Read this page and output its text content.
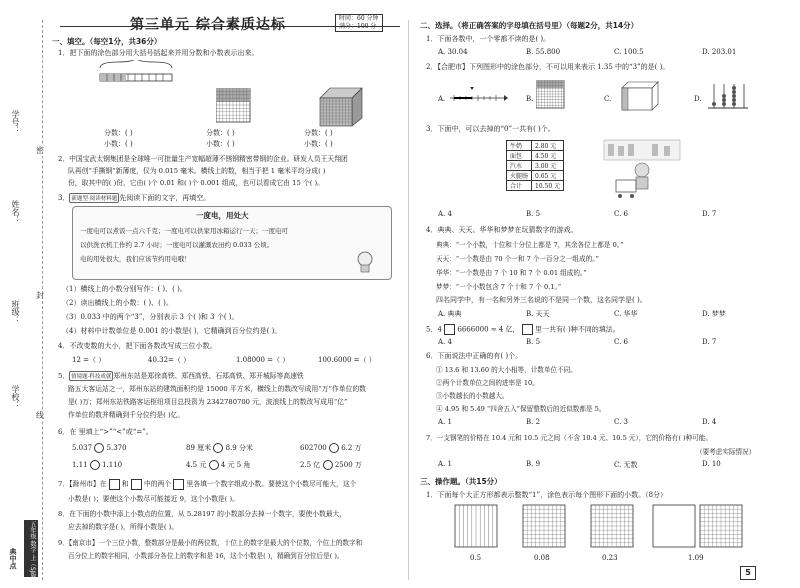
学号：
姓名：
班级：
学校：
密
封
线
五年级 数学 上（SJ版）
典中点
第三单元 综合素质达标	时间：60 分钟
满分：100 分
一、填空。（每空1分，共36分）
1．把下面的涂色部分用大括号括起来并用分数和小数表示出来。
分数：( )
小数：( )
分数：( )
小数：( )
分数：( )
小数：( )
2．中国宝武太钢集团是全球唯一可批量生产宽幅超薄不锈钢精密带钢的企业。研发人员王天翔团
队再创“手撕钢”新薄度，仅为 0.015 毫米。横线上的数，相当于把 1 毫米平均分成( )
份，取其中的( )份，它由( )个 0.01 和( )个 0.001 组成，也可以看成它由 15 个( )。
3． 新题型·阅读材料题 先阅读下面的文字，再填空。
一度电，用处大
一度电可以煮饭一点六千克；一度电可以供家用冰箱运行一天；一度电可
以供洗衣机工作约 2.7 小时；一度电可以灌溉农田约 0.033 公顷。
电的用处很大，我们应该节约用电哦！
（1）横线上的小数分别写作：( )、( )。
（2）读出横线上的小数：( )、( )。
（3）0.033 中的两个“3”，分别表示 3 个( )和 3 个( )。
（4）材料中计数单位是 0.001 的小数是( )，它精确到百分位约是( )。
4．不改变数的大小，把下面各数改写成三位小数。
12 =（ ）	40.32=（ ）	1.08000 =（ ）	100.6000 =（ ）
5． 情境题·科技成就 郑州东站是郑徐高铁、郑西高铁、石郑高铁、郑开城际等高速铁
路五大客运站之一，郑州东站的建筑面积约是 15000 平方米，横线上的数改写成用“万”作单位的数
是( )万；郑州东站铁路客运枢纽项目总投资为 2342780700 元，波浪线上的数改写成用“亿”
作单位的数并精确到千分位约是( )亿。
6．在 里填上“>”“<”或“=”。
5.037 5.370	89 厘米 8.9 分米	602700 6.2 万
1.11 1.110	4.5 元 4 元 5 角	2.5 亿 2500 万
7．【滁州市】在 和 中的两个 里各填一个数字组成小数。要使这个小数尽可能大，这个
小数是( )；要使这个小数尽可能接近 9，这个小数是( )。
8．在下面的小数中添上小数点的位置，从 5.28197 的小数部分去掉一个数字，要使小数最大，
应去掉的数字是( )，所得小数是( )。
9．【南京市】一个三位小数，整数部分是最小的两位数，十位上的数字是最大的个位数，个位上的数字和
百分位上的数字相同，小数部分各位上的数字和是 16，这个小数是( )，精确到百分位后是( )。
二、选择。（将正确答案的字母填在括号里）（每题2分，共14分）
1．下面各数中，一个零都不读的是( )。
A. 30.04	B. 55.800	C. 100.5	D. 203.01
2．【合肥市】下列图形中的涂色部分，不可以用来表示 1.35 中的“3”的是( )。
A.	B.	C.	D.
3．下面中，可以去掉的“0”一共有( )个。
牛奶	2.80 元
面包	4.50 元
汽水	3.00 元
火腿肠	0.65 元
合计	10.50 元
A. 4	B. 5	C. 6	D. 7
4．典典、天天、华华和梦梦在玩猜数字的游戏。
典典：“一个小数，十位和十分位上都是 7，其余各位上都是 0。”
天天：“一个数是由 70 个一和 7 个一百分之一组成的。”
华华：“一个数是由 7 个 10 和 7 个 0.01 组成的。”
梦梦：“一个小数包含 7 个十和 7 个 0.1。”
四名同学中，有一名和另外三名说的不是同一个数，这名同学是( )。
A. 典典	B. 天天	C. 华华	D. 梦梦
5．4 6666000 ≈ 4 亿， 里一共有( )种不同的填法。
A. 4	B. 5	C. 6	D. 7
6．下面说法中正确的有( )个。
① 13.6 和 13.60 的大小相等，计数单位不同。
②两个计数单位之间的进率是 10。
③小数越长的小数越大。
④ 4.95 和 5.49 “四舍五入”保留整数后的近似数都是 5。
A. 1	B. 2	C. 3	D. 4
7．一支钢笔的价格在 10.4 元和 10.5 元之间（不含 10.4 元、10.5 元），它的价格有( )种可能。
（要考虑实际情况）
A. 1	B. 9	C. 无数	D. 10
三、操作题。（共15分）
1．下面每个大正方形都表示整数“1”，涂色表示每个图形下面的小数。（8分）
0.5	0.08	0.23	1.09
5
